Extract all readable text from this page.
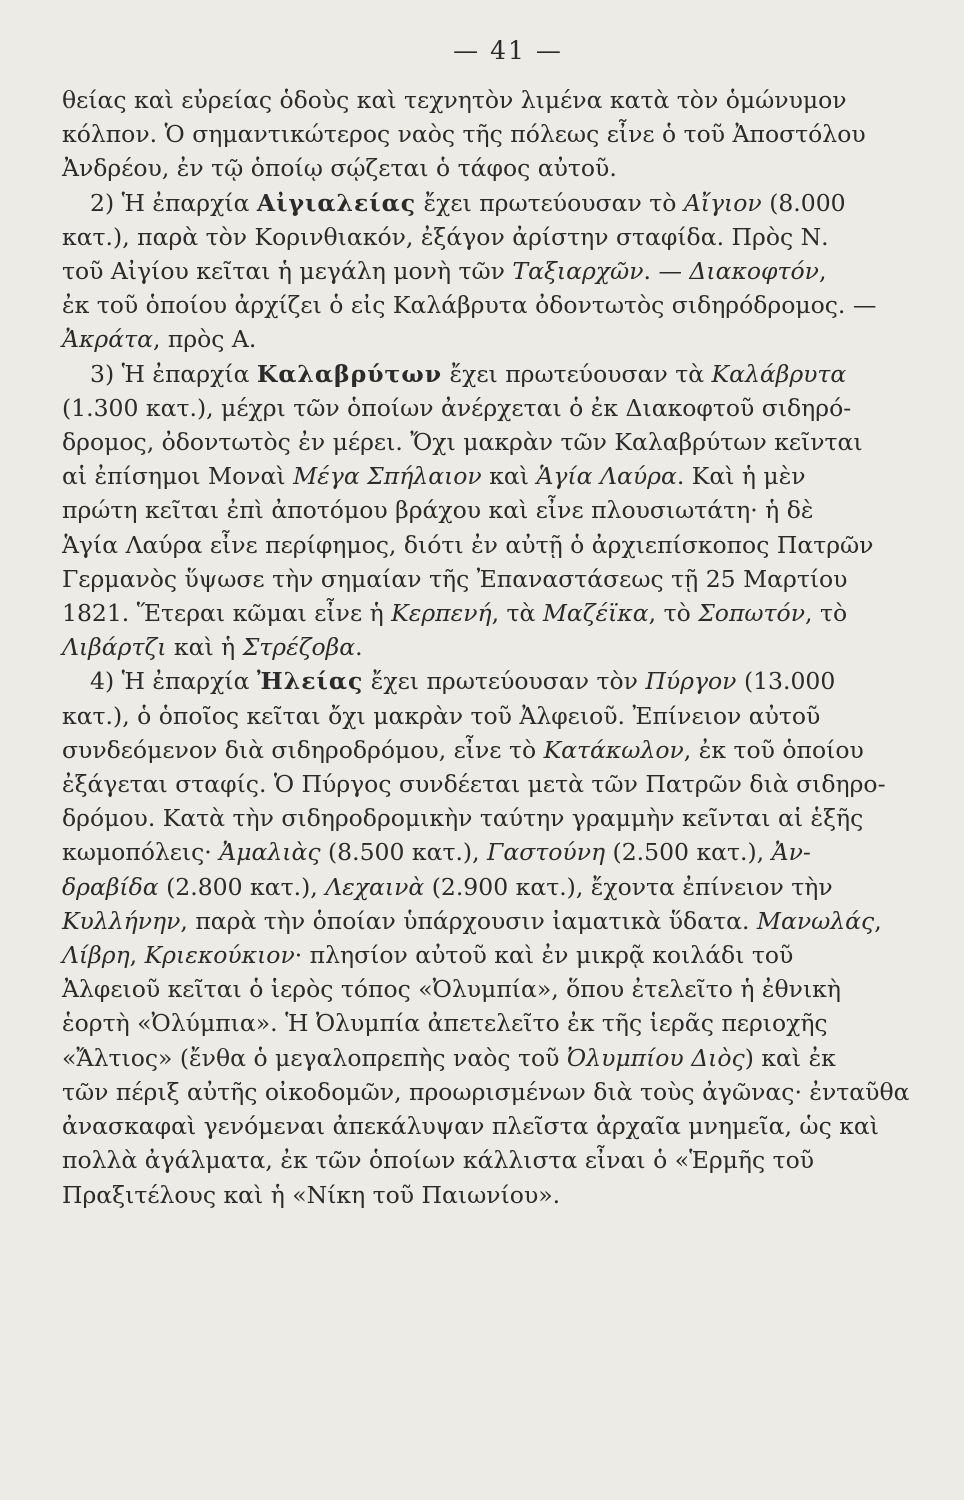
— 41 —
θείας καὶ εὐρείας ὁδοὺς καὶ τεχνητὸν λιμένα κατὰ τὸν ὁμώνυμον
κόλπον. Ὁ σημαντικώτερος ναὸς τῆς πόλεως εἶνε ὁ τοῦ Ἀποστόλου
Ἀνδρέου, ἐν τῷ ὁποίῳ σῴζεται ὁ τάφος αὐτοῦ.
2) Ἡ ἐπαρχία Αἰγιαλείας ἔχει πρωτεύουσαν τὸ Αἴγιον (8.000
κατ.), παρὰ τὸν Κορινθιακόν, ἐξάγον ἀρίστην σταφίδα. Πρὸς Ν.
τοῦ Αἰγίου κεῖται ἡ μεγάλη μονὴ τῶν Ταξιαρχῶν. — Διακοφτόν,
ἐκ τοῦ ὁποίου ἀρχίζει ὁ εἰς Καλάβρυτα ὀδοντωτὸς σιδηρόδρομος. —
Ἀκράτα, πρὸς Α.
3) Ἡ ἐπαρχία Καλαβρύτων ἔχει πρωτεύουσαν τὰ Καλάβρυτα
(1.300 κατ.), μέχρι τῶν ὁποίων ἀνέρχεται ὁ ἐκ Διακοφτοῦ σιδηρό-
δρομος, ὀδοντωτὸς ἐν μέρει. Ὄχι μακρὰν τῶν Καλαβρύτων κεῖνται
αἱ ἐπίσημοι Μοναὶ Μέγα Σπήλαιον καὶ Ἁγία Λαύρα. Καὶ ἡ μὲν
πρώτη κεῖται ἐπὶ ἀποτόμου βράχου καὶ εἶνε πλουσιωτάτη· ἡ δὲ
Ἁγία Λαύρα εἶνε περίφημος, διότι ἐν αὐτῇ ὁ ἀρχιεπίσκοπος Πατρῶν
Γερμανὸς ὕψωσε τὴν σημαίαν τῆς Ἐπαναστάσεως τῇ 25 Μαρτίου
1821. Ἕτεραι κῶμαι εἶνε ἡ Κερπενή, τὰ Μαζέϊκα, τὸ Σοπωτόν, τὸ
Λιβάρτζι καὶ ἡ Στρέζοβα.
4) Ἡ ἐπαρχία Ἠλείας ἔχει πρωτεύουσαν τὸν Πύργον (13.000
κατ.), ὁ ὁποῖος κεῖται ὄχι μακρὰν τοῦ Ἀλφειοῦ. Ἐπίνειον αὐτοῦ
συνδεόμενον διὰ σιδηροδρόμου, εἶνε τὸ Κατάκωλον, ἐκ τοῦ ὁποίου
ἐξάγεται σταφίς. Ὁ Πύργος συνδέεται μετὰ τῶν Πατρῶν διὰ σιδηρο-
δρόμου. Κατὰ τὴν σιδηροδρομικὴν ταύτην γραμμὴν κεῖνται αἱ ἑξῆς
κωμοπόλεις· Ἀμαλιὰς (8.500 κατ.), Γαστούνη (2.500 κατ.), Ἀν-
δραβίδα (2.800 κατ.), Λεχαινὰ (2.900 κατ.), ἔχοντα ἐπίνειον τὴν
Κυλλήνην, παρὰ τὴν ὁποίαν ὑπάρχουσιν ἰαματικὰ ὕδατα. Μανωλάς,
Λίβρη, Κριεκούκιον· πλησίον αὐτοῦ καὶ ἐν μικρᾷ κοιλάδι τοῦ
Ἀλφειοῦ κεῖται ὁ ἱερὸς τόπος «Ὀλυμπία», ὅπου ἐτελεῖτο ἡ ἐθνικὴ
ἑορτὴ «Ὀλύμπια». Ἡ Ὀλυμπία ἀπετελεῖτο ἐκ τῆς ἱερᾶς περιοχῆς
«Ἄλτιος» (ἔνθα ὁ μεγαλοπρεπὴς ναὸς τοῦ Ὀλυμπίου Διὸς) καὶ ἐκ
τῶν πέριξ αὐτῆς οἰκοδομῶν, προωρισμένων διὰ τοὺς ἀγῶνας· ἐνταῦθα
ἀνασκαφαὶ γενόμεναι ἀπεκάλυψαν πλεῖστα ἀρχαῖα μνημεῖα, ὡς καὶ
πολλὰ ἀγάλματα, ἐκ τῶν ὁποίων κάλλιστα εἶναι ὁ «Ἑρμῆς τοῦ
Πραξιτέλους καὶ ἡ «Νίκη τοῦ Παιωνίου».
